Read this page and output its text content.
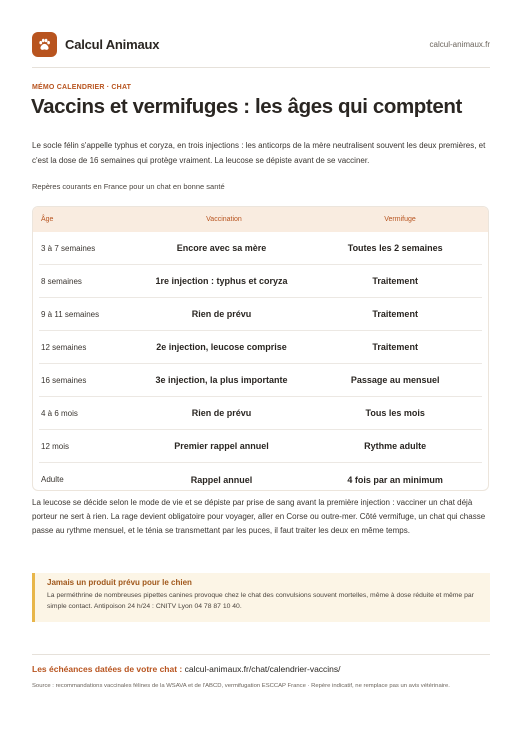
Calcul Animaux	calcul-animaux.fr
MÉMO CALENDRIER · CHAT
Vaccins et vermifuges : les âges qui comptent

Le socle félin s'appelle typhus et coryza, en trois injections : les anticorps de la mère neutralisent souvent les deux premières, et c'est la dose de 16 semaines qui protège vraiment. La leucose se dépiste avant de se vacciner.

Repères courants en France pour un chat en bonne santé

Âge	Vaccination	Vermifuge
3 à 7 semaines	Encore avec sa mère	Toutes les 2 semaines
8 semaines	1re injection : typhus et coryza	Traitement
9 à 11 semaines	Rien de prévu	Traitement
12 semaines	2e injection, leucose comprise	Traitement
16 semaines	3e injection, la plus importante	Passage au mensuel
4 à 6 mois	Rien de prévu	Tous les mois
12 mois	Premier rappel annuel	Rythme adulte
Adulte	Rappel annuel	4 fois par an minimum

La leucose se décide selon le mode de vie et se dépiste par prise de sang avant la première injection : vacciner un chat déjà porteur ne sert à rien. La rage devient obligatoire pour voyager, aller en Corse ou outre-mer. Côté vermifuge, un chat qui chasse passe au rythme mensuel, et le ténia se transmettant par les puces, il faut traiter les deux en même temps.

Jamais un produit prévu pour le chien
La perméthrine de nombreuses pipettes canines provoque chez le chat des convulsions souvent mortelles, même à dose réduite et même par simple contact. Antipoison 24 h/24 : CNITV Lyon 04 78 87 10 40.
Les échéances datées de votre chat : calcul-animaux.fr/chat/calendrier-vaccins/
Source : recommandations vaccinales félines de la WSAVA et de l'ABCD, vermifugation ESCCAP France · Repère indicatif, ne remplace pas un avis vétérinaire.
